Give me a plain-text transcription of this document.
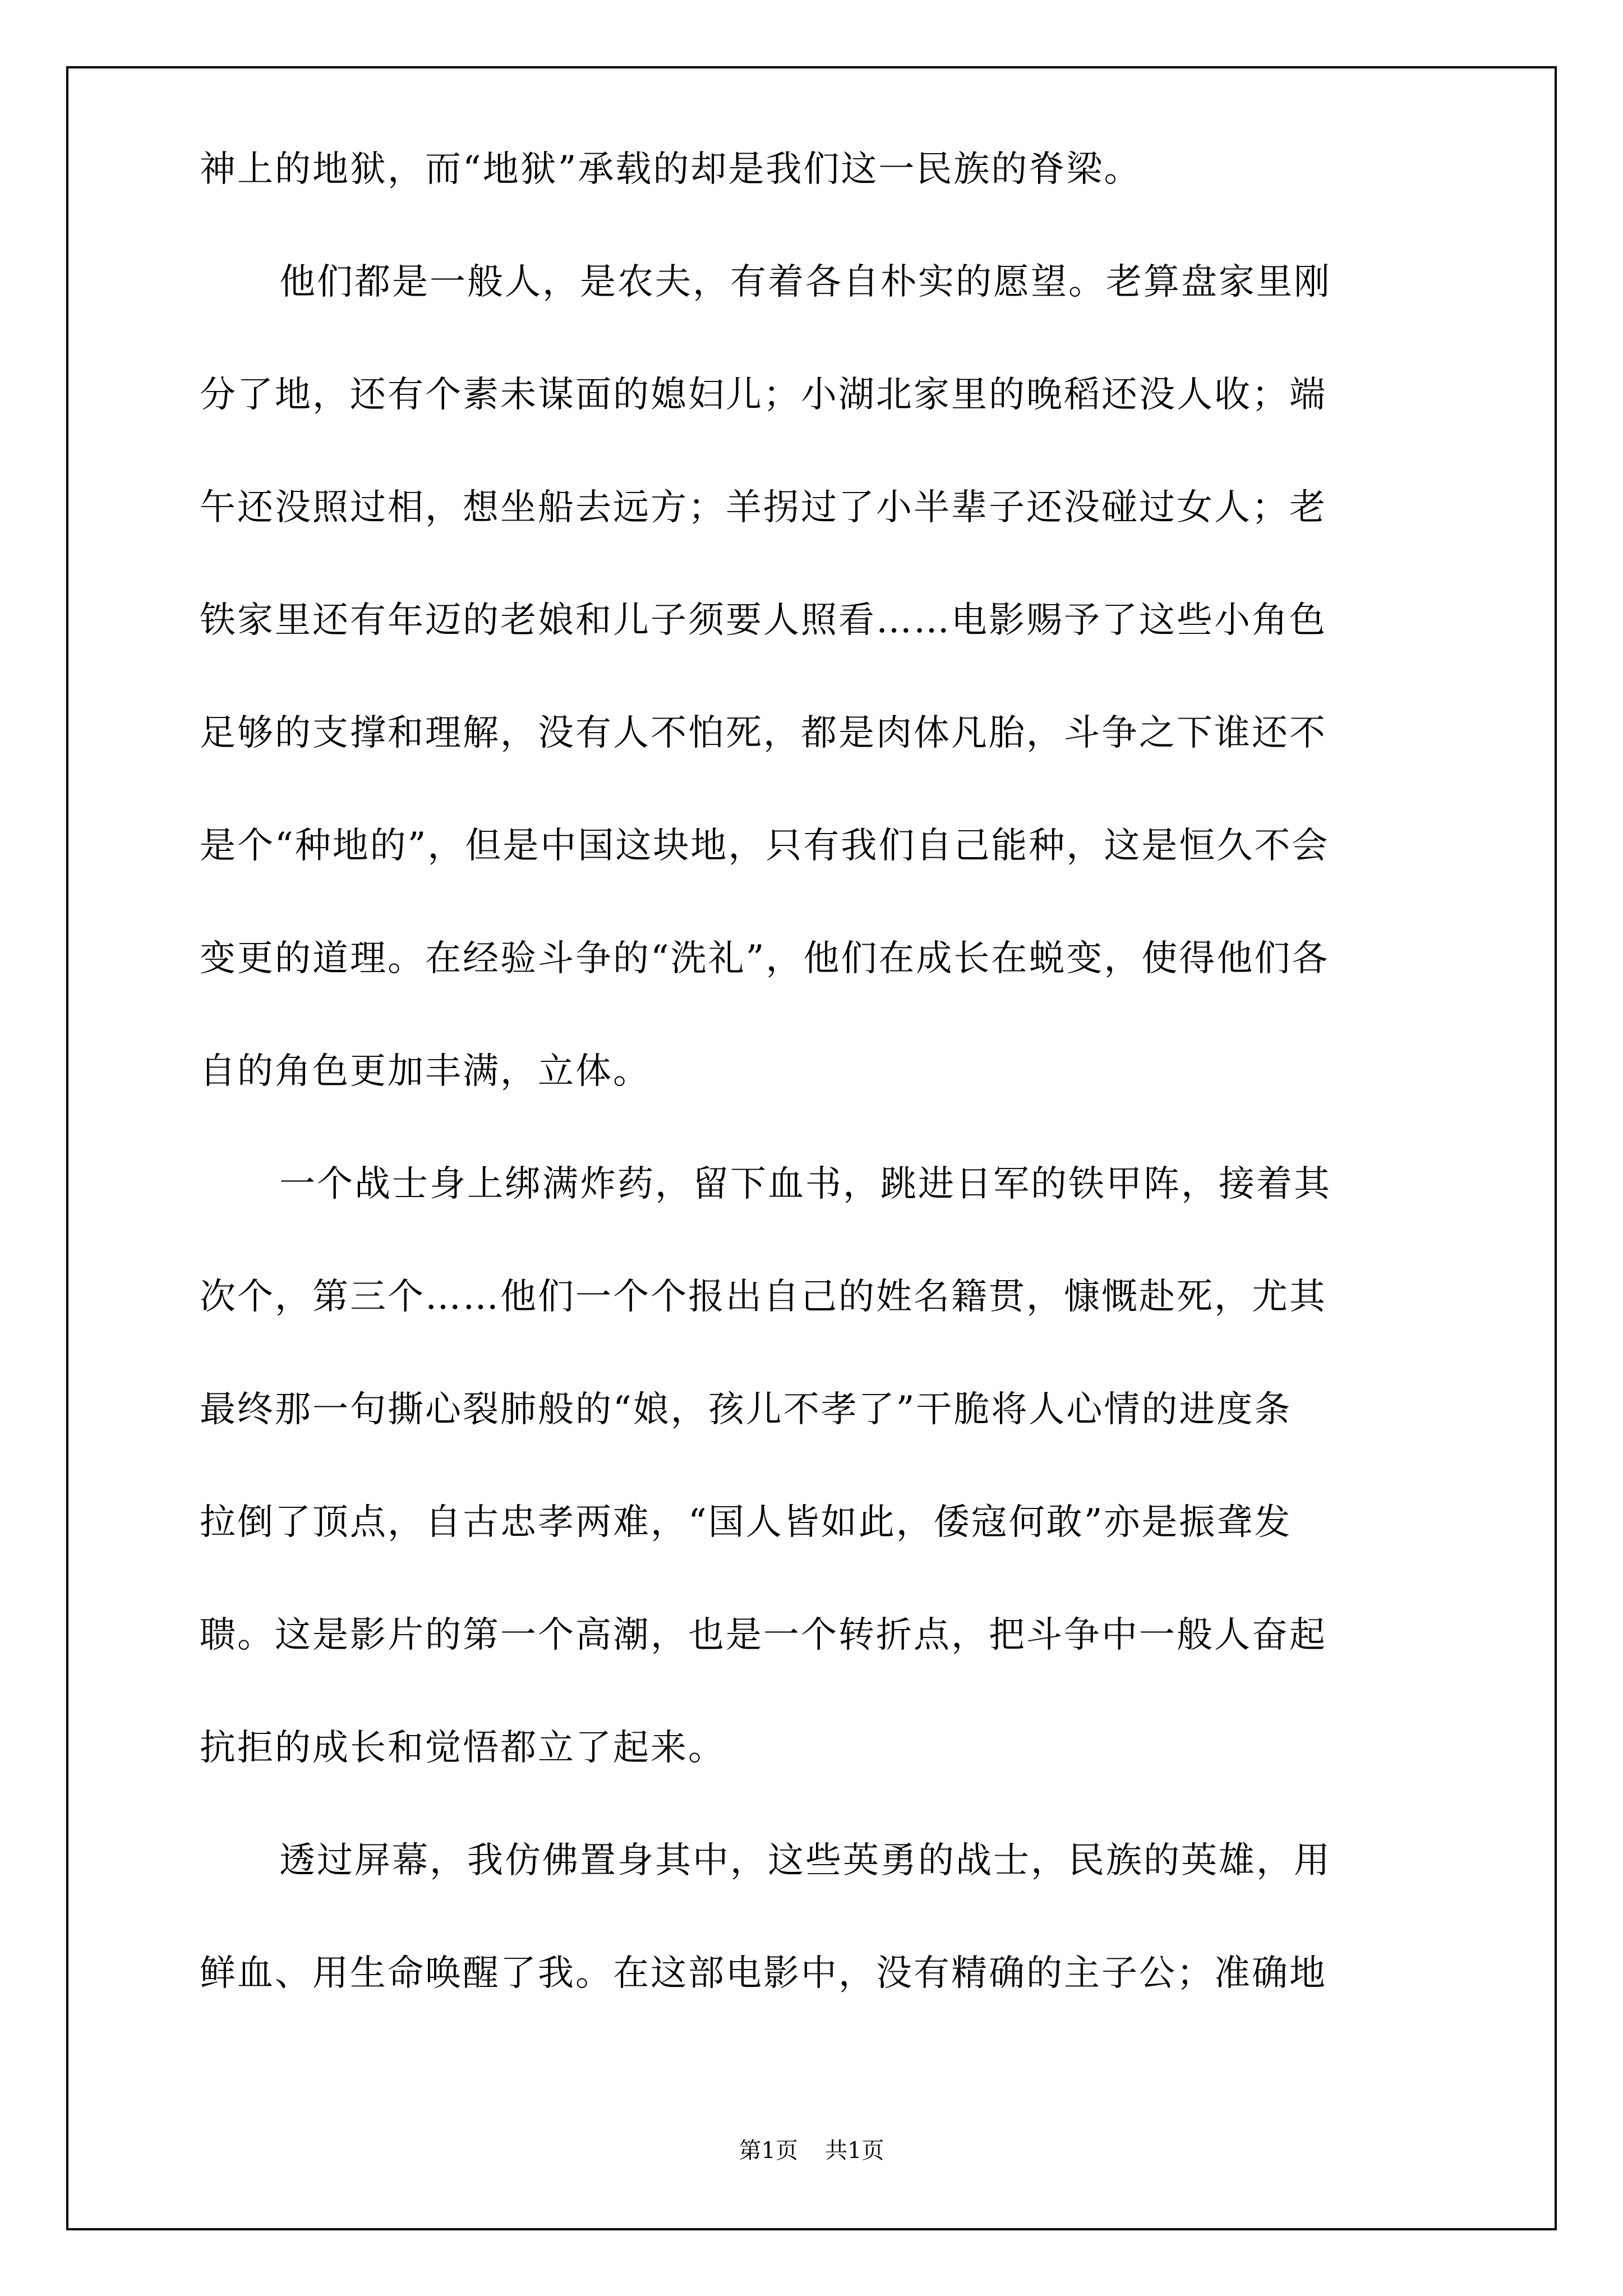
神上的地狱，而“地狱”承载的却是我们这一民族的脊梁。
他们都是一般人，是农夫，有着各自朴实的愿望。老算盘家里刚
分了地，还有个素未谋面的媳妇儿；小湖北家里的晚稻还没人收；端
午还没照过相，想坐船去远方；羊拐过了小半辈子还没碰过女人；老
铁家里还有年迈的老娘和儿子须要人照看……电影赐予了这些小角色
足够的支撑和理解，没有人不怕死，都是肉体凡胎，斗争之下谁还不
是个“种地的”，但是中国这块地，只有我们自己能种，这是恒久不会
变更的道理。在经验斗争的“洗礼”，他们在成长在蜕变，使得他们各
自的角色更加丰满，立体。
一个战士身上绑满炸药，留下血书，跳进日军的铁甲阵，接着其
次个，第三个……他们一个个报出自己的姓名籍贯，慷慨赴死，尤其
最终那一句撕心裂肺般的“娘，孩儿不孝了”干脆将人心情的进度条
拉倒了顶点，自古忠孝两难，“国人皆如此，倭寇何敢”亦是振聋发
聩。这是影片的第一个高潮，也是一个转折点，把斗争中一般人奋起
抗拒的成长和觉悟都立了起来。
透过屏幕，我仿佛置身其中，这些英勇的战士，民族的英雄，用
鲜血、用生命唤醒了我。在这部电影中，没有精确的主子公；准确地
第1页 共1页
